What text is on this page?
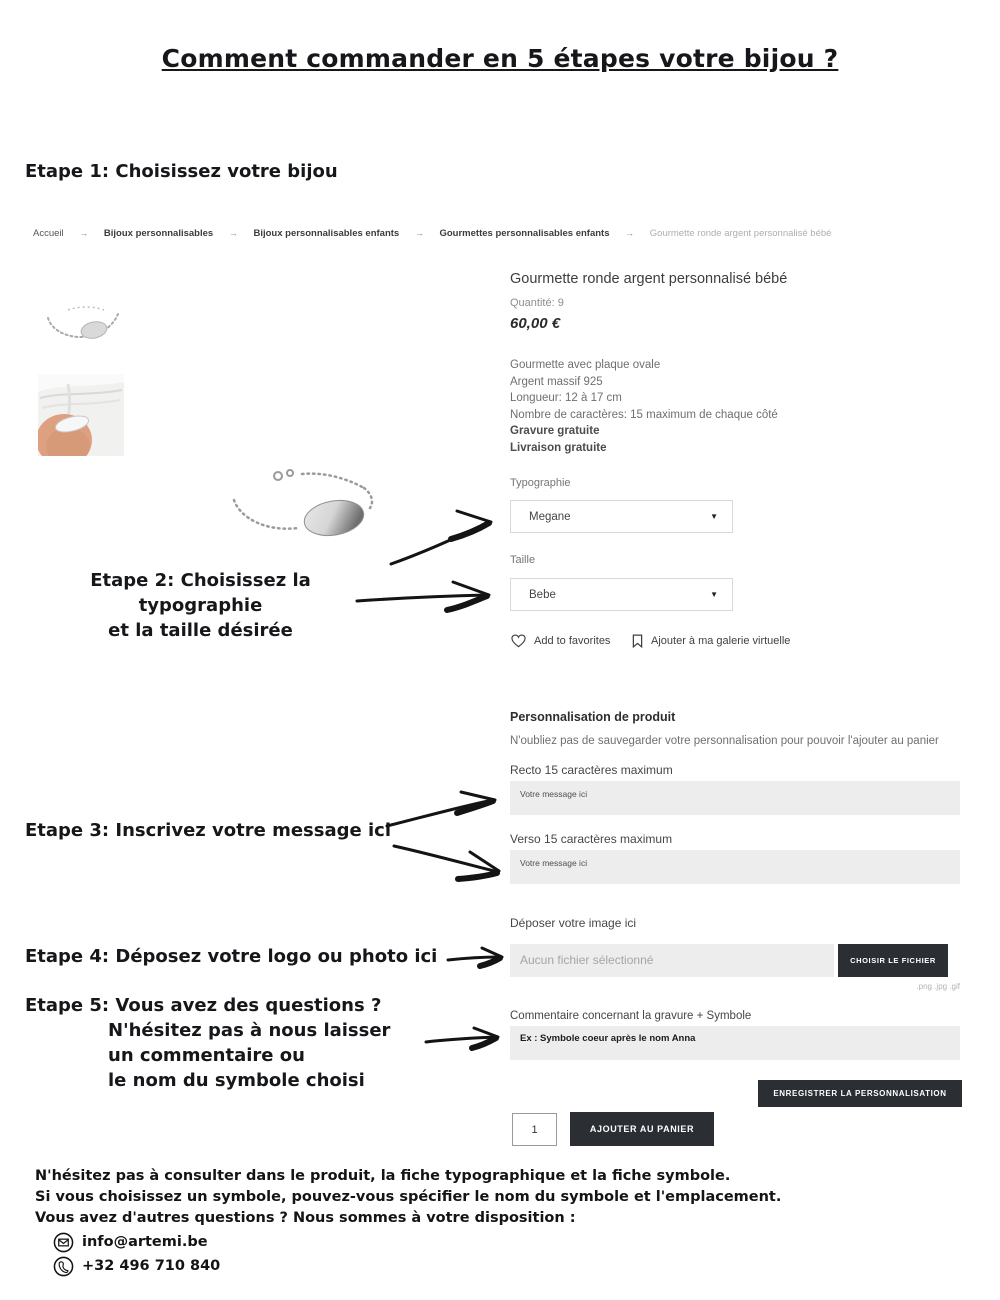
Comment commander en 5 étapes votre bijou ?
Etape 1: Choisissez votre bijou
Accueil → Bijoux personnalisables → Bijoux personnalisables enfants → Gourmettes personnalisables enfants → Gourmette ronde argent personnalisé bébé
Gourmette ronde argent personnalisé bébé
Quantité: 9
60,00 €
Gourmette avec plaque ovale
Argent massif 925
Longueur: 12 à 17 cm
Nombre de caractères: 15 maximum de chaque côté
Gravure gratuite
Livraison gratuite
Typographie
Megane	▼
Taille
Bebe	▼
Add to favorites	Ajouter à ma galerie virtuelle
Personnalisation de produit
N'oubliez pas de sauvegarder votre personnalisation pour pouvoir l'ajouter au panier
Recto 15 caractères maximum
Votre message ici
Verso 15 caractères maximum
Votre message ici
Déposer votre image ici
Aucun fichier sélectionné	CHOISIR LE FICHIER
.png .jpg .gif
Commentaire concernant la gravure + Symbole
Ex : Symbole coeur après le nom Anna
ENREGISTRER LA PERSONNALISATION
1	AJOUTER AU PANIER
Etape 2: Choisissez la typographie
et la taille désirée
Etape 3: Inscrivez votre message ici
Etape 4: Déposez votre logo ou photo ici
Etape 5: Vous avez des questions ?
N'hésitez pas à nous laisser
un commentaire ou
le nom du symbole choisi
N'hésitez pas à consulter dans le produit, la fiche typographique et la fiche symbole.
Si vous choisissez un symbole, pouvez-vous spécifier le nom du symbole et l'emplacement.
Vous avez d'autres questions ? Nous sommes à votre disposition :
info@artemi.be
+32 496 710 840
